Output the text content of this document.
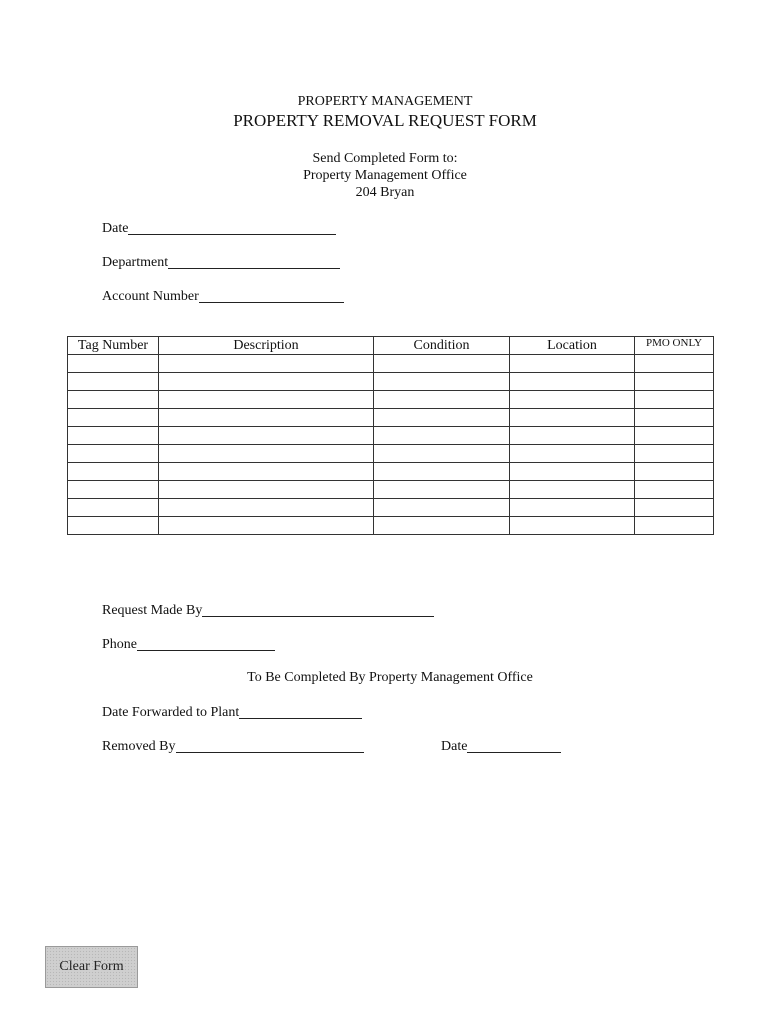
PROPERTY MANAGEMENT
PROPERTY REMOVAL REQUEST FORM
Send Completed Form to:
Property Management Office
204 Bryan
Date
Department
Account Number
Tag Number	Description	Condition	Location	PMO ONLY

Request Made By
Phone
To Be Completed By Property Management Office
Date Forwarded to Plant
Removed By	Date
Clear Form
